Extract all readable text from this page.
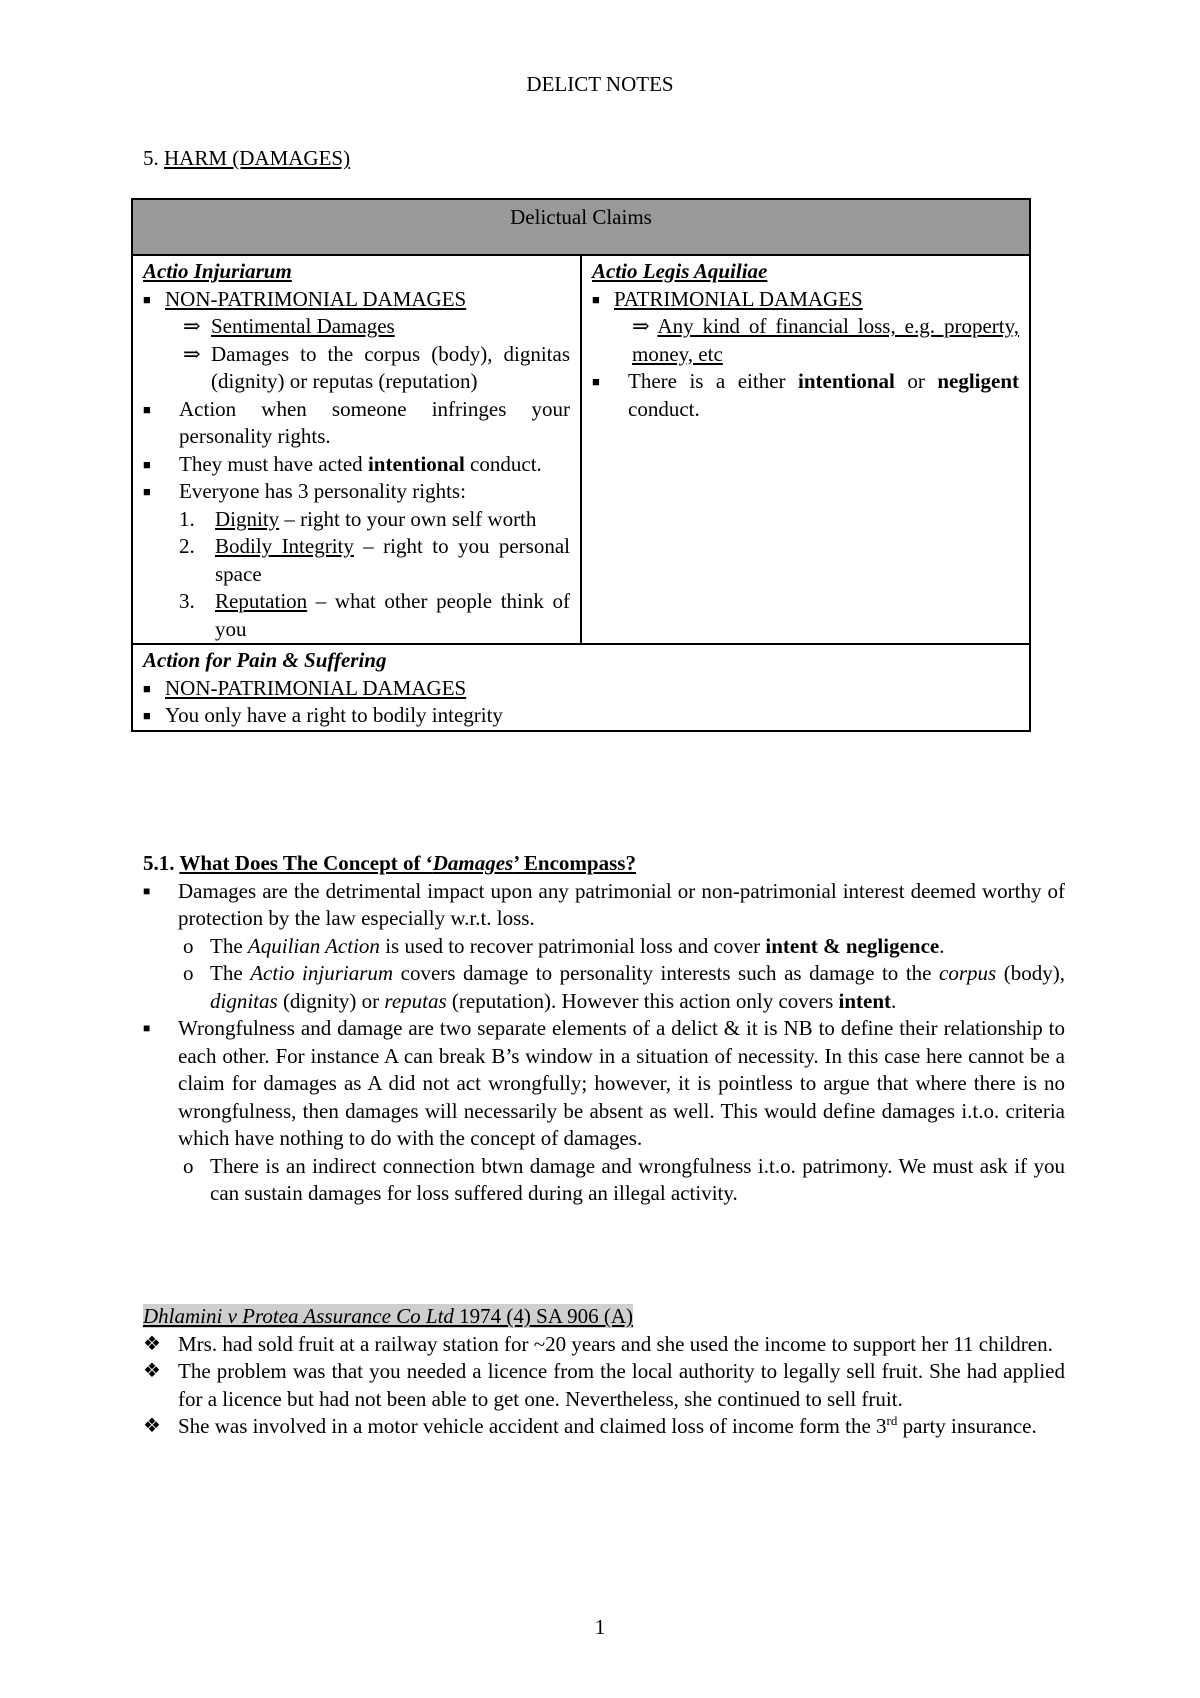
DELICT NOTES
5. HARM (DAMAGES)
Delictual Claims
Actio Injuriarum
■ NON-PATRIMONIAL DAMAGES
⇒ Sentimental Damages
⇒ Damages to the corpus (body), dignitas (dignity) or reputas (reputation)
■	Action when someone infringes your personality rights.
■	They must have acted intentional conduct.
■	Everyone has 3 personality rights:
1. Dignity – right to your own self worth
2. Bodily Integrity – right to you personal space
3. Reputation – what other people think of you
Actio Legis Aquiliae
■ PATRIMONIAL DAMAGES
⇒ Any kind of financial loss, e.g. property, money, etc
■	There is a either intentional or negligent conduct.
Action for Pain & Suffering
■ NON-PATRIMONIAL DAMAGES
■ You only have a right to bodily integrity
5.1. What Does The Concept of ‘Damages’ Encompass?
■	Damages are the detrimental impact upon any patrimonial or non-patrimonial interest deemed worthy of protection by the law especially w.r.t. loss.
o The Aquilian Action is used to recover patrimonial loss and cover intent & negligence.
o The Actio injuriarum covers damage to personality interests such as damage to the corpus (body), dignitas (dignity) or reputas (reputation). However this action only covers intent.
■	Wrongfulness and damage are two separate elements of a delict & it is NB to define their relationship to each other. For instance A can break B’s window in a situation of necessity. In this case here cannot be a claim for damages as A did not act wrongfully; however, it is pointless to argue that where there is no wrongfulness, then damages will necessarily be absent as well. This would define damages i.t.o. criteria which have nothing to do with the concept of damages.
o There is an indirect connection btwn damage and wrongfulness i.t.o. patrimony. We must ask if you can sustain damages for loss suffered during an illegal activity.
Dhlamini v Protea Assurance Co Ltd 1974 (4) SA 906 (A)
❖ Mrs. had sold fruit at a railway station for ~20 years and she used the income to support her 11 children.
❖ The problem was that you needed a licence from the local authority to legally sell fruit. She had applied for a licence but had not been able to get one. Nevertheless, she continued to sell fruit.
❖ She was involved in a motor vehicle accident and claimed loss of income form the 3rd party insurance.
1
